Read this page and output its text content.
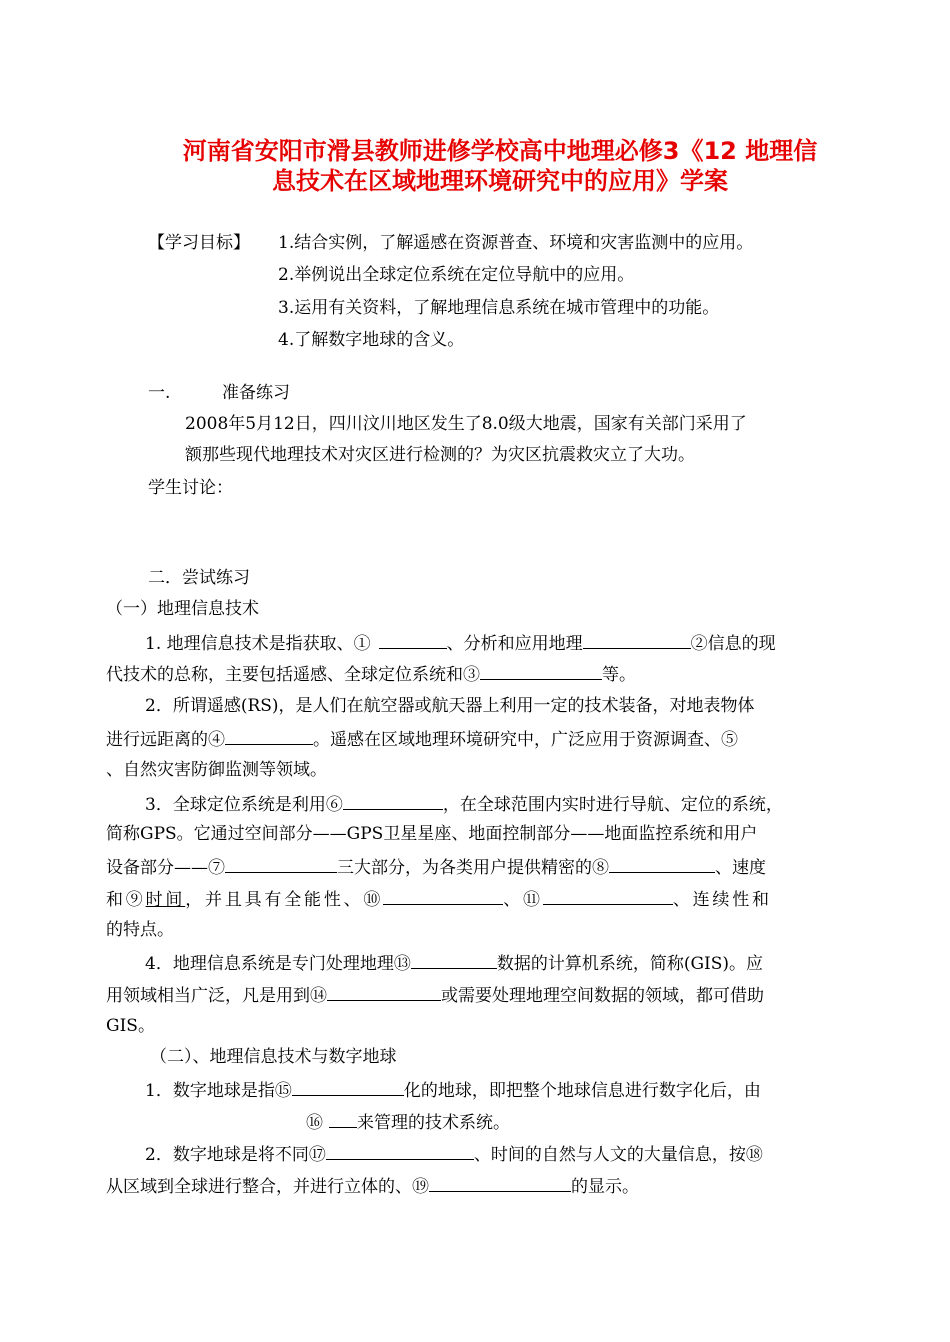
河南省安阳市滑县教师进修学校高中地理必修3《12 地理信
息技术在区域地理环境研究中的应用》学案
【学习目标】 1.结合实例，了解遥感在资源普查、环境和灾害监测中的应用。
2.举例说出全球定位系统在定位导航中的应用。
3.运用有关资料，了解地理信息系统在城市管理中的功能。
4.了解数字地球的含义。
一.	准备练习
2008年5月12日，四川汶川地区发生了8.0级大地震，国家有关部门采用了
额那些现代地理技术对灾区进行检测的？为灾区抗震救灾立了大功。
学生讨论：
二．尝试练习
（一）地理信息技术
1. 地理信息技术是指获取、①	、分析和应用地理	②信息的现
代技术的总称，主要包括遥感、全球定位系统和③	等。
2．所谓遥感(RS)，是人们在航空器或航天器上利用一定的技术装备，对地表物体
进行远距离的④	。遥感在区域地理环境研究中，广泛应用于资源调查、⑤
、自然灾害防御监测等领域。
3．全球定位系统是利用⑥	，在全球范围内实时进行导航、定位的系统，
简称GPS。它通过空间部分——GPS卫星星座、地面控制部分——地面监控系统和用户
设备部分——⑦	三大部分，为各类用户提供精密的⑧	、速度
和⑨时间，并且具有全能性、⑩	、⑪	、连续性和
的特点。
4．地理信息系统是专门处理地理⑬	数据的计算机系统，简称(GIS)。应
用领域相当广泛，凡是用到⑭	或需要处理地理空间数据的领域，都可借助
GIS。
（二）、地理信息技术与数字地球
1．数字地球是指⑮	化的地球，即把整个地球信息进行数字化后，由
⑯ 来管理的技术系统。
2．数字地球是将不同⑰	、时间的自然与人文的大量信息，按⑱
从区域到全球进行整合，并进行立体的、⑲	的显示。
